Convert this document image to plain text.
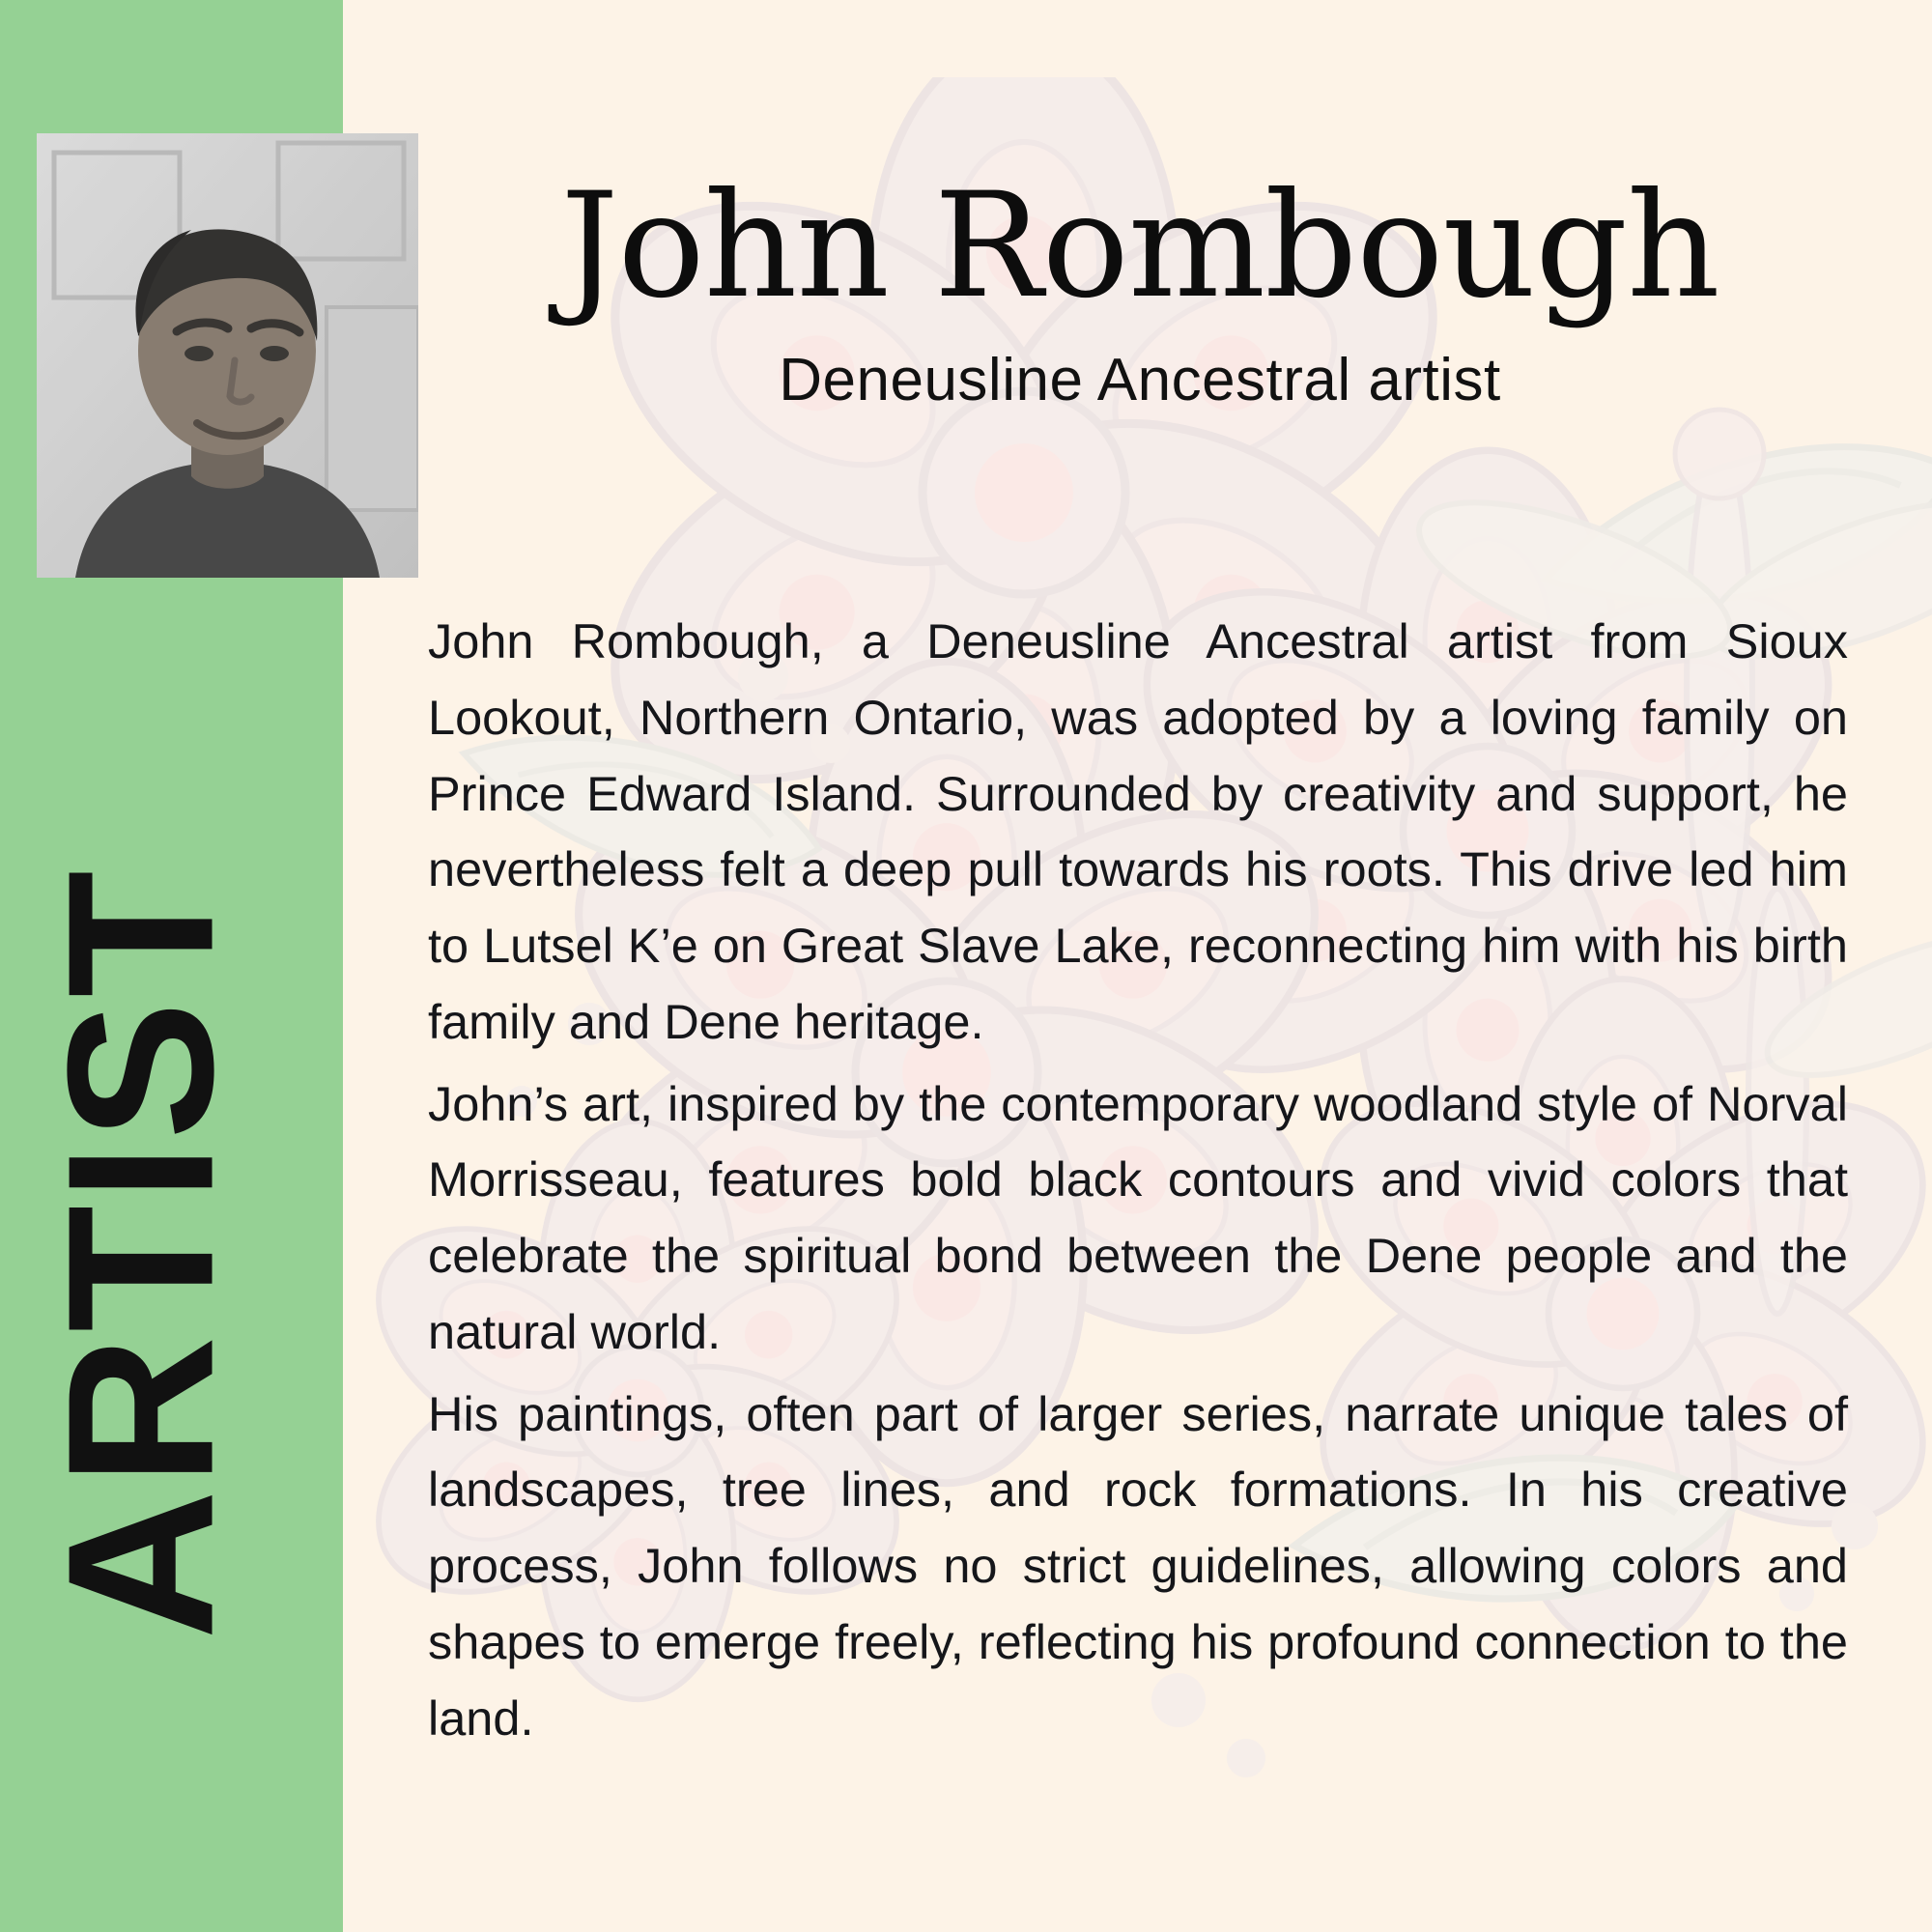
ARTIST
John Rombough
Deneusline Ancestral artist

John Rombough, a Deneusline Ancestral artist from Sioux Lookout, Northern Ontario, was adopted by a loving family on Prince Edward Island. Surrounded by creativity and support, he nevertheless felt a deep pull towards his roots. This drive led him to Lutsel K’e on Great Slave Lake, reconnecting him with his birth family and Dene heritage.

John’s art, inspired by the contemporary woodland style of Norval Morrisseau, features bold black contours and vivid colors that celebrate the spiritual bond between the Dene people and the natural world.

His paintings, often part of larger series, narrate unique tales of landscapes, tree lines, and rock formations. In his creative process, John follows no strict guidelines, allowing colors and shapes to emerge freely, reflecting his profound connection to the land.
